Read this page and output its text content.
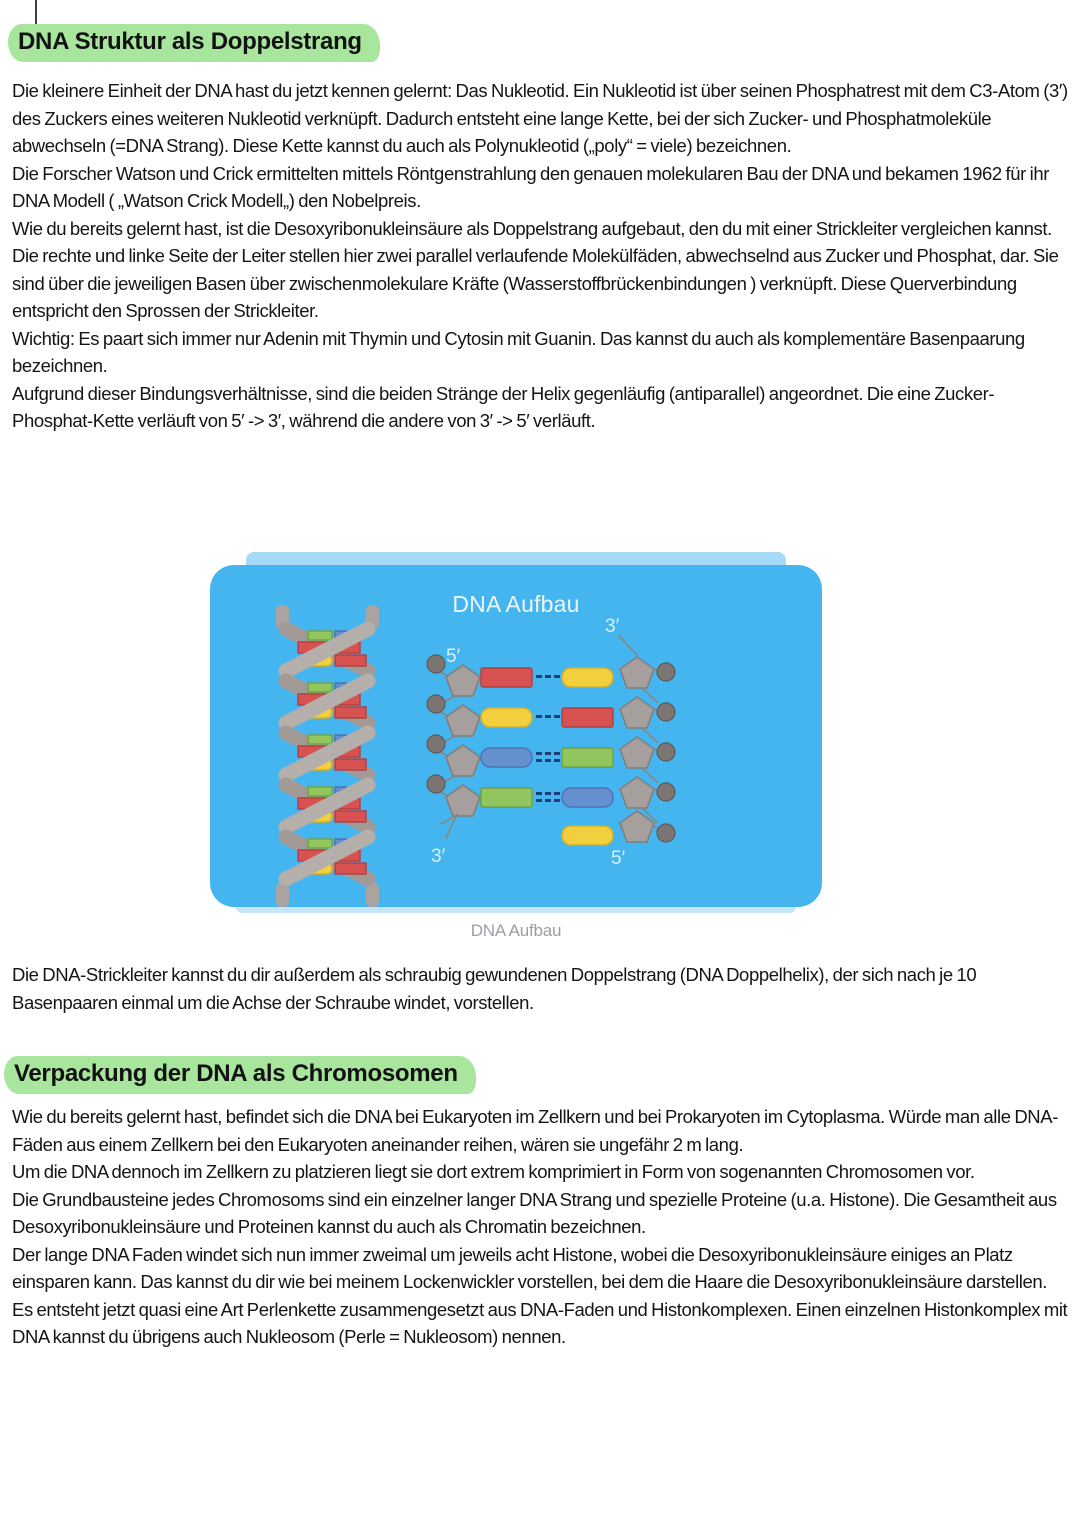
DNA Struktur als Doppelstrang

Die kleinere Einheit der DNA hast du jetzt kennen gelernt: Das Nukleotid. Ein Nukleotid ist über seinen Phosphatrest mit dem C3-Atom (3′) des Zuckers eines weiteren Nukleotid verknüpft. Dadurch entsteht eine lange Kette, bei der sich Zucker- und Phosphatmoleküle abwechseln (=DNA Strang). Diese Kette kannst du auch als Polynukleotid („poly“ = viele) bezeichnen.

Die Forscher Watson und Crick ermittelten mittels Röntgenstrahlung den genauen molekularen Bau der DNA und bekamen 1962 für ihr DNA Modell ( „Watson Crick Modell„) den Nobelpreis.

Wie du bereits gelernt hast, ist die Desoxyribonukleinsäure als Doppelstrang aufgebaut, den du mit einer Strickleiter vergleichen kannst. Die rechte und linke Seite der Leiter stellen hier zwei parallel verlaufende Molekülfäden, abwechselnd aus Zucker und Phosphat, dar. Sie sind über die jeweiligen Basen über zwischenmolekulare Kräfte (Wasserstoffbrückenbindungen ) verknüpft. Diese Querverbindung entspricht den Sprossen der Strickleiter.

Wichtig: Es paart sich immer nur Adenin mit Thymin und Cytosin mit Guanin. Das kannst du auch als komplementäre Basenpaarung bezeichnen.

Aufgrund dieser Bindungsverhältnisse, sind die beiden Stränge der Helix gegenläufig (antiparallel) angeordnet. Die eine Zucker-Phosphat-Kette verläuft von 5′ -> 3′, während die andere von 3′ -> 5′ verläuft.

5′
3′
3′	5′
DNA Aufbau
DNA Aufbau

Die DNA-Strickleiter kannst du dir außerdem als schraubig gewundenen Doppelstrang (DNA Doppelhelix), der sich nach je 10 Basenpaaren einmal um die Achse der Schraube windet, vorstellen.

Verpackung der DNA als Chromosomen

Wie du bereits gelernt hast, befindet sich die DNA bei Eukaryoten im Zellkern und bei Prokaryoten im Cytoplasma. Würde man alle DNA-Fäden aus einem Zellkern bei den Eukaryoten aneinander reihen, wären sie ungefähr 2 m lang.

Um die DNA dennoch im Zellkern zu platzieren liegt sie dort extrem komprimiert in Form von sogenannten Chromosomen vor.

Die Grundbausteine jedes Chromosoms sind ein einzelner langer DNA Strang und spezielle Proteine (u.a. Histone). Die Gesamtheit aus Desoxyribonukleinsäure und Proteinen kannst du auch als Chromatin bezeichnen.

Der lange DNA Faden windet sich nun immer zweimal um jeweils acht Histone, wobei die Desoxyribonukleinsäure einiges an Platz einsparen kann. Das kannst du dir wie bei meinem Lockenwickler vorstellen, bei dem die Haare die Desoxyribonukleinsäure darstellen. Es entsteht jetzt quasi eine Art Perlenkette zusammengesetzt aus DNA-Faden und Histonkomplexen. Einen einzelnen Histonkomplex mit DNA kannst du übrigens auch Nukleosom (Perle = Nukleosom) nennen.
